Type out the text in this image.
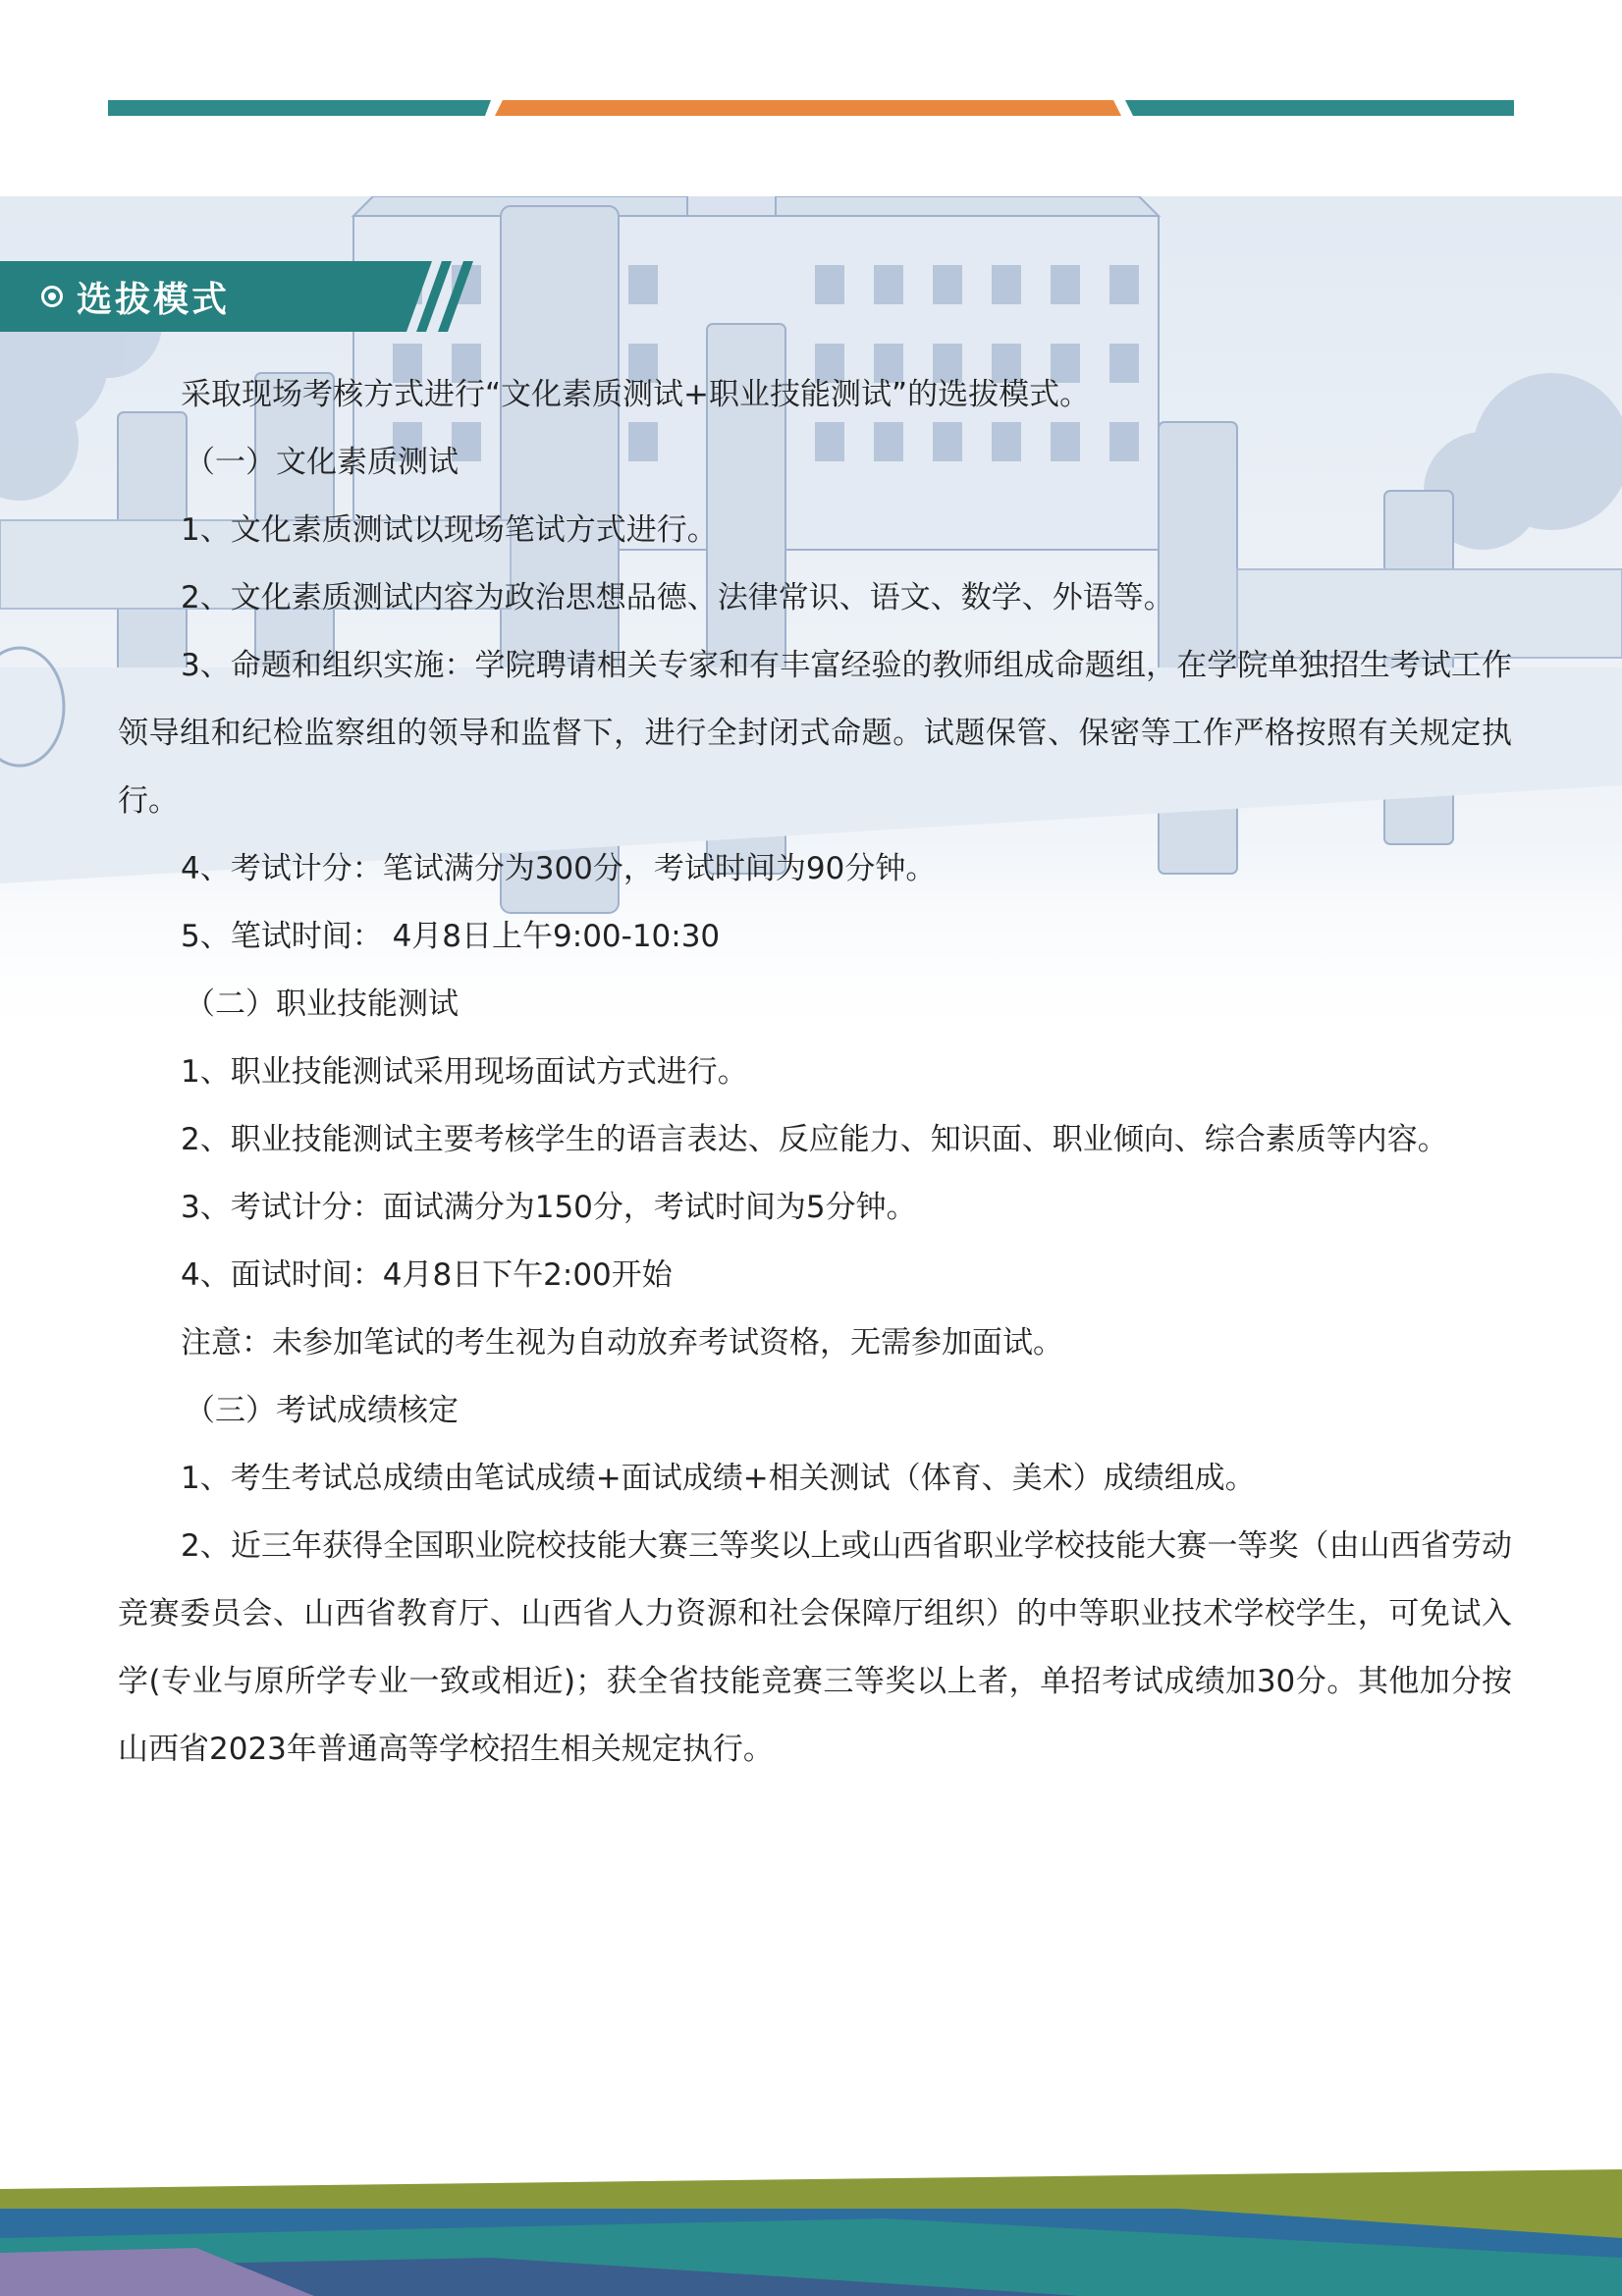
选拔模式

采取现场考核方式进行“文化素质测试+职业技能测试”的选拔模式。

（一）文化素质测试

1、文化素质测试以现场笔试方式进行。

2、文化素质测试内容为政治思想品德、法律常识、语文、数学、外语等。

3、命题和组织实施：学院聘请相关专家和有丰富经验的教师组成命题组，在学院单独招生考试工作领导组和纪检监察组的领导和监督下，进行全封闭式命题。试题保管、保密等工作严格按照有关规定执行。

4、考试计分：笔试满分为300分，考试时间为90分钟。

5、笔试时间： 4月8日上午9:00-10:30

（二）职业技能测试

1、职业技能测试采用现场面试方式进行。

2、职业技能测试主要考核学生的语言表达、反应能力、知识面、职业倾向、综合素质等内容。

3、考试计分：面试满分为150分，考试时间为5分钟。

4、面试时间：4月8日下午2:00开始

注意：未参加笔试的考生视为自动放弃考试资格，无需参加面试。

（三）考试成绩核定

1、考生考试总成绩由笔试成绩+面试成绩+相关测试（体育、美术）成绩组成。

2、近三年获得全国职业院校技能大赛三等奖以上或山西省职业学校技能大赛一等奖（由山西省劳动竞赛委员会、山西省教育厅、山西省人力资源和社会保障厅组织）的中等职业技术学校学生，可免试入学(专业与原所学专业一致或相近)；获全省技能竞赛三等奖以上者，单招考试成绩加30分。其他加分按山西省2023年普通高等学校招生相关规定执行。
